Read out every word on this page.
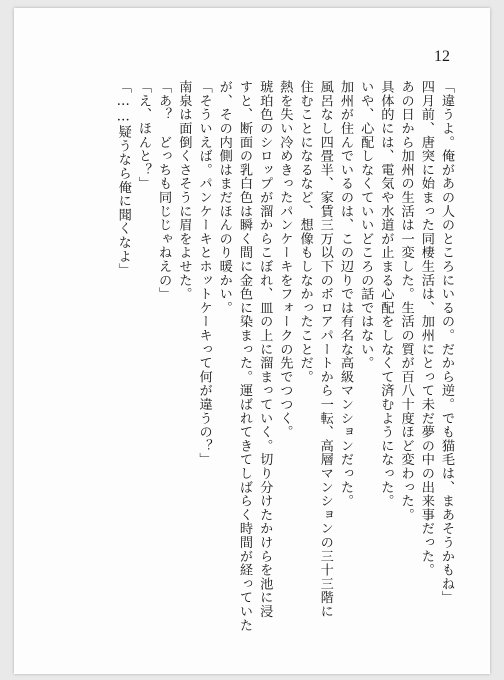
12
「違うよ。俺があの人のところにいるの。だから逆。でも猫毛は、まあそうかもね」
四月前、唐突に始まった同棲生活は、加州にとって未だ夢の中の出来事だった。
あの日から加州の生活は一変した。生活の質が百八十度ほど変わった。
具体的には、電気や水道が止まる心配をしなくて済むようになった。
いや、心配しなくていいどころの話ではない。
加州が住んでいるのは、この辺りでは有名な高級マンションだった。
風呂なし四畳半、家賃三万以下のボロアパートから一転、高層マンションの三十三階に
住むことになるなど、想像もしなかったことだ。
熱を失い冷めきったパンケーキをフォークの先でつつく。
琥珀色のシロップが溜からこぼれ、皿の上に溜まっていく。切り分けたかけらを池に浸
すと、断面の乳白色は瞬く間に金色に染まった。運ばれてきてしばらく時間が経っていた
が、その内側はまだほんのり暖かい。
「そういえば。パンケーキとホットケーキって何が違うの？」
南泉は面倒くさそうに眉をよせた。
「あ？　どっちも同じじゃねえの」
「え、ほんと？」
「……疑うなら俺に聞くなよ」
